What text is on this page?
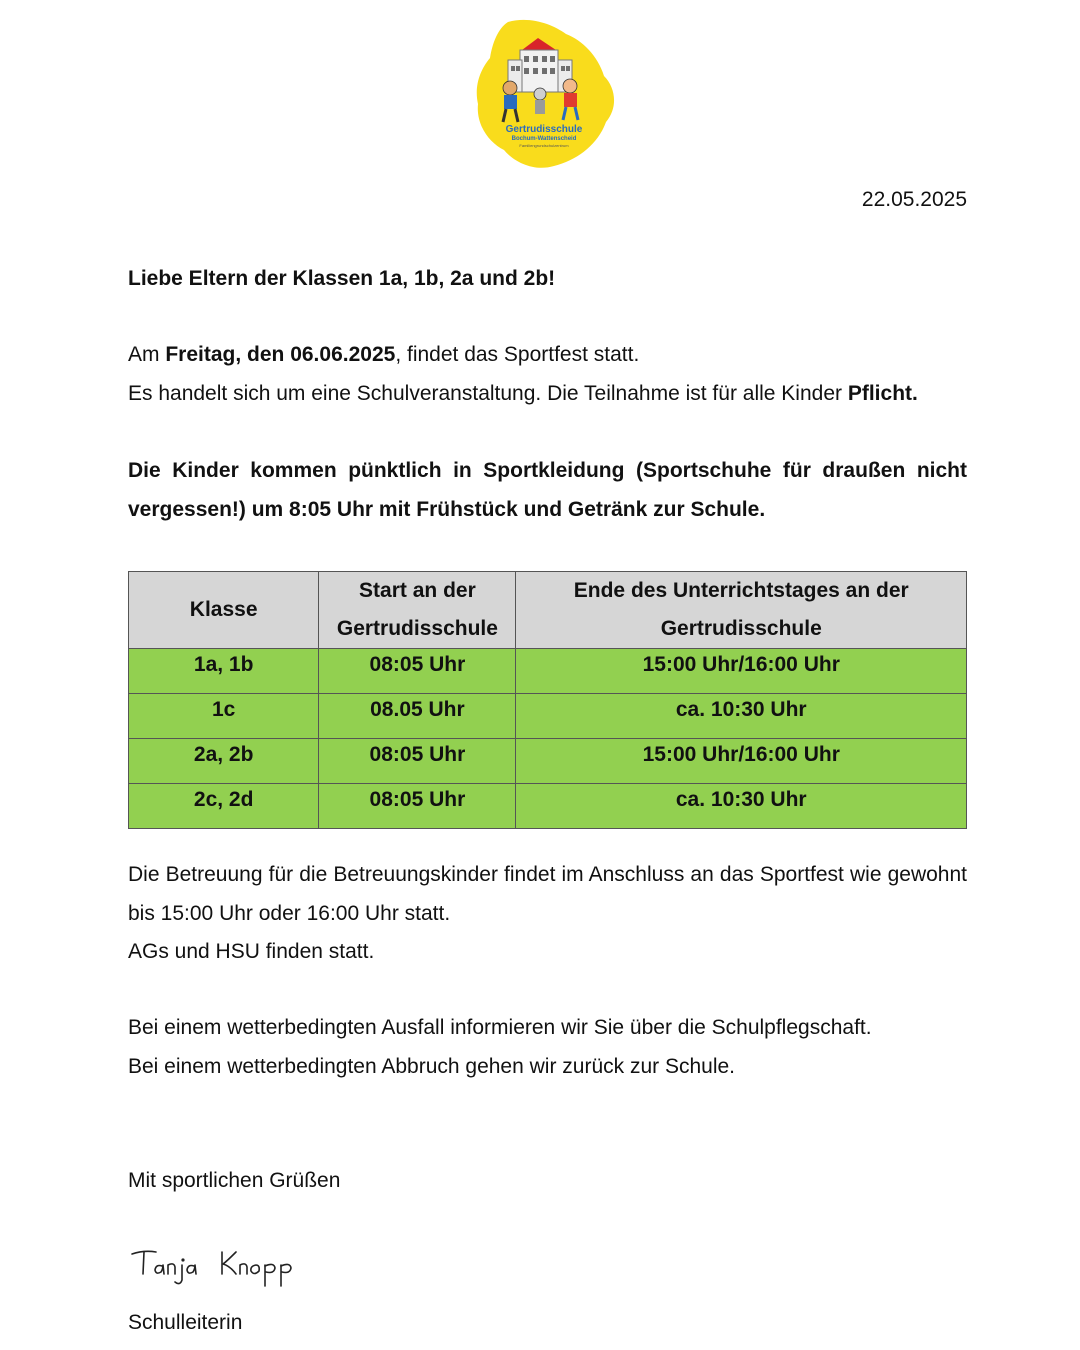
Gertrudisschule
Bochum-Wattenscheid
Familiengrundschulzentrum
22.05.2025
Liebe Eltern der Klassen 1a, 1b, 2a und 2b!
Am Freitag, den 06.06.2025, findet das Sportfest statt.
Es handelt sich um eine Schulveranstaltung. Die Teilnahme ist für alle Kinder Pflicht.
Die Kinder kommen pünktlich in Sportkleidung (Sportschuhe für draußen nicht vergessen!) um 8:05 Uhr mit Frühstück und Getränk zur Schule.
Klasse	Start an der Gertrudisschule	Ende des Unterrichtstages an der Gertrudisschule
1a, 1b	08:05 Uhr	15:00 Uhr/16:00 Uhr
1c	08.05 Uhr	ca. 10:30 Uhr
2a, 2b	08:05 Uhr	15:00 Uhr/16:00 Uhr
2c, 2d	08:05 Uhr	ca. 10:30 Uhr
Die Betreuung für die Betreuungskinder findet im Anschluss an das Sportfest wie gewohnt bis 15:00 Uhr oder 16:00 Uhr statt.
AGs und HSU finden statt.
Bei einem wetterbedingten Ausfall informieren wir Sie über die Schulpflegschaft.
Bei einem wetterbedingten Abbruch gehen wir zurück zur Schule.
Mit sportlichen Grüßen
Schulleiterin
